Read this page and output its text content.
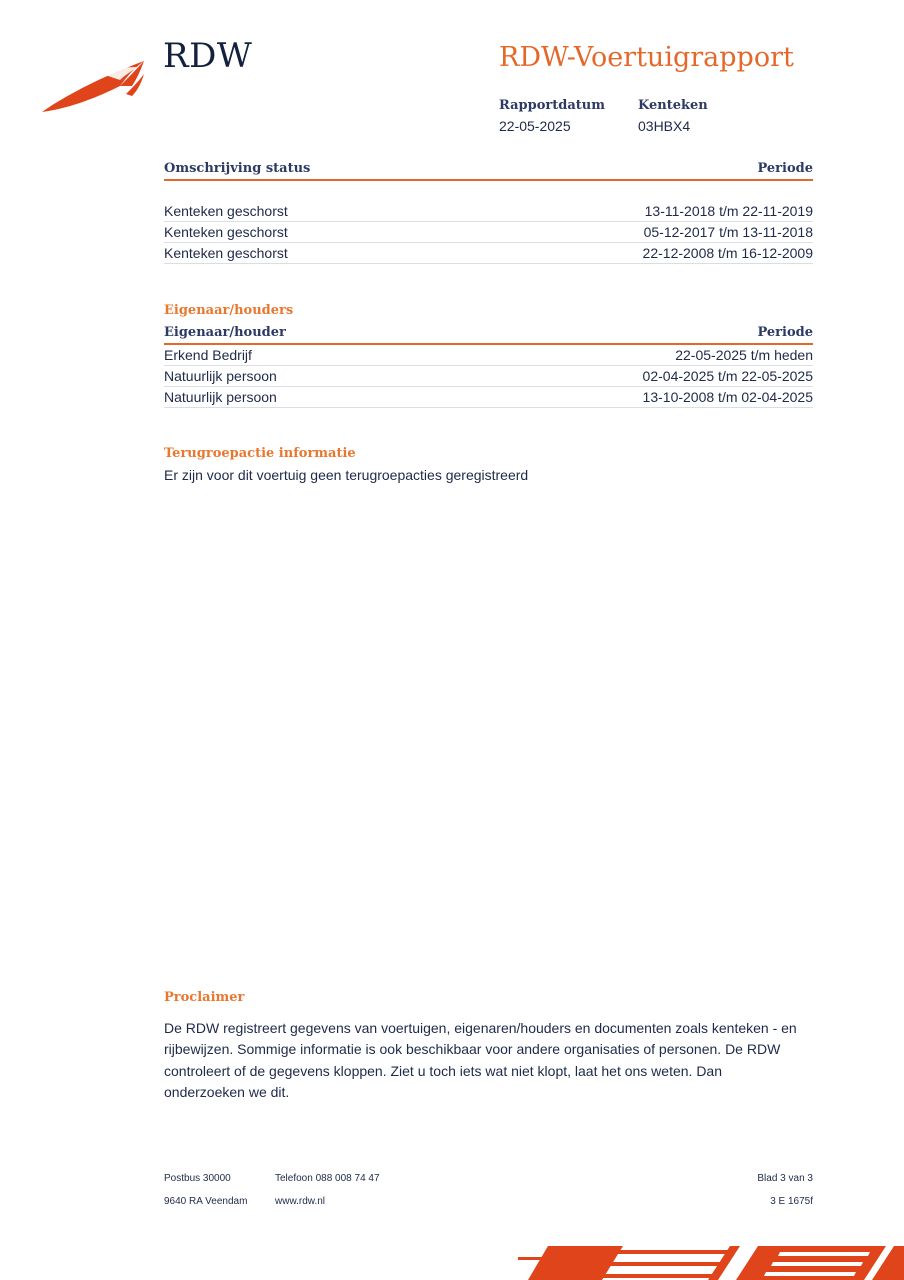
RDW	RDW-Voertuigrapport
Rapportdatum
22-05-2025
Kenteken
03HBX4
Omschrijving status	Periode
Kenteken geschorst	13-11-2018 t/m 22-11-2019
Kenteken geschorst	05-12-2017 t/m 13-11-2018
Kenteken geschorst	22-12-2008 t/m 16-12-2009
Eigenaar/houders
Eigenaar/houder	Periode
Erkend Bedrijf	22-05-2025 t/m heden
Natuurlijk persoon	02-04-2025 t/m 22-05-2025
Natuurlijk persoon	13-10-2008 t/m 02-04-2025
Terugroepactie informatie
Er zijn voor dit voertuig geen terugroepacties geregistreerd
Proclaimer
De RDW registreert gegevens van voertuigen, eigenaren/houders en documenten zoals kenteken - en rijbewijzen. Sommige informatie is ook beschikbaar voor andere organisaties of personen. De RDW controleert of de gegevens kloppen. Ziet u toch iets wat niet klopt, laat het ons weten. Dan onderzoeken we dit.
Postbus 30000
9640 RA Veendam
Telefoon 088 008 74 47
www.rdw.nl
Blad 3 van 3
3 E 1675f
